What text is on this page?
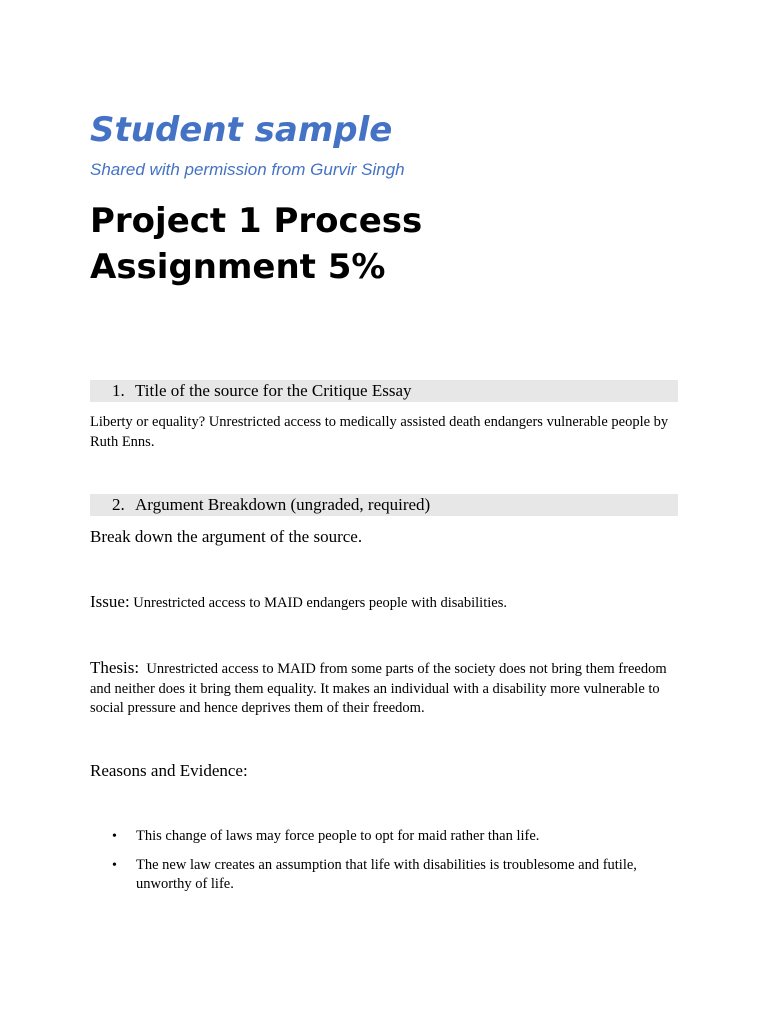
Student sample

Shared with permission from Gurvir Singh

Project 1 Process Assignment 5%
1. Title of the source for the Critique Essay

Liberty or equality? Unrestricted access to medically assisted death endangers vulnerable people by Ruth Enns.

2. Argument Breakdown (ungraded, required)

Break down the argument of the source.

Issue: Unrestricted access to MAID endangers people with disabilities.

Thesis: Unrestricted access to MAID from some parts of the society does not bring them freedom and neither does it bring them equality. It makes an individual with a disability more vulnerable to social pressure and hence deprives them of their freedom.

Reasons and Evidence:

• This change of laws may force people to opt for maid rather than life.
• The new law creates an assumption that life with disabilities is troublesome and futile, unworthy of life.
